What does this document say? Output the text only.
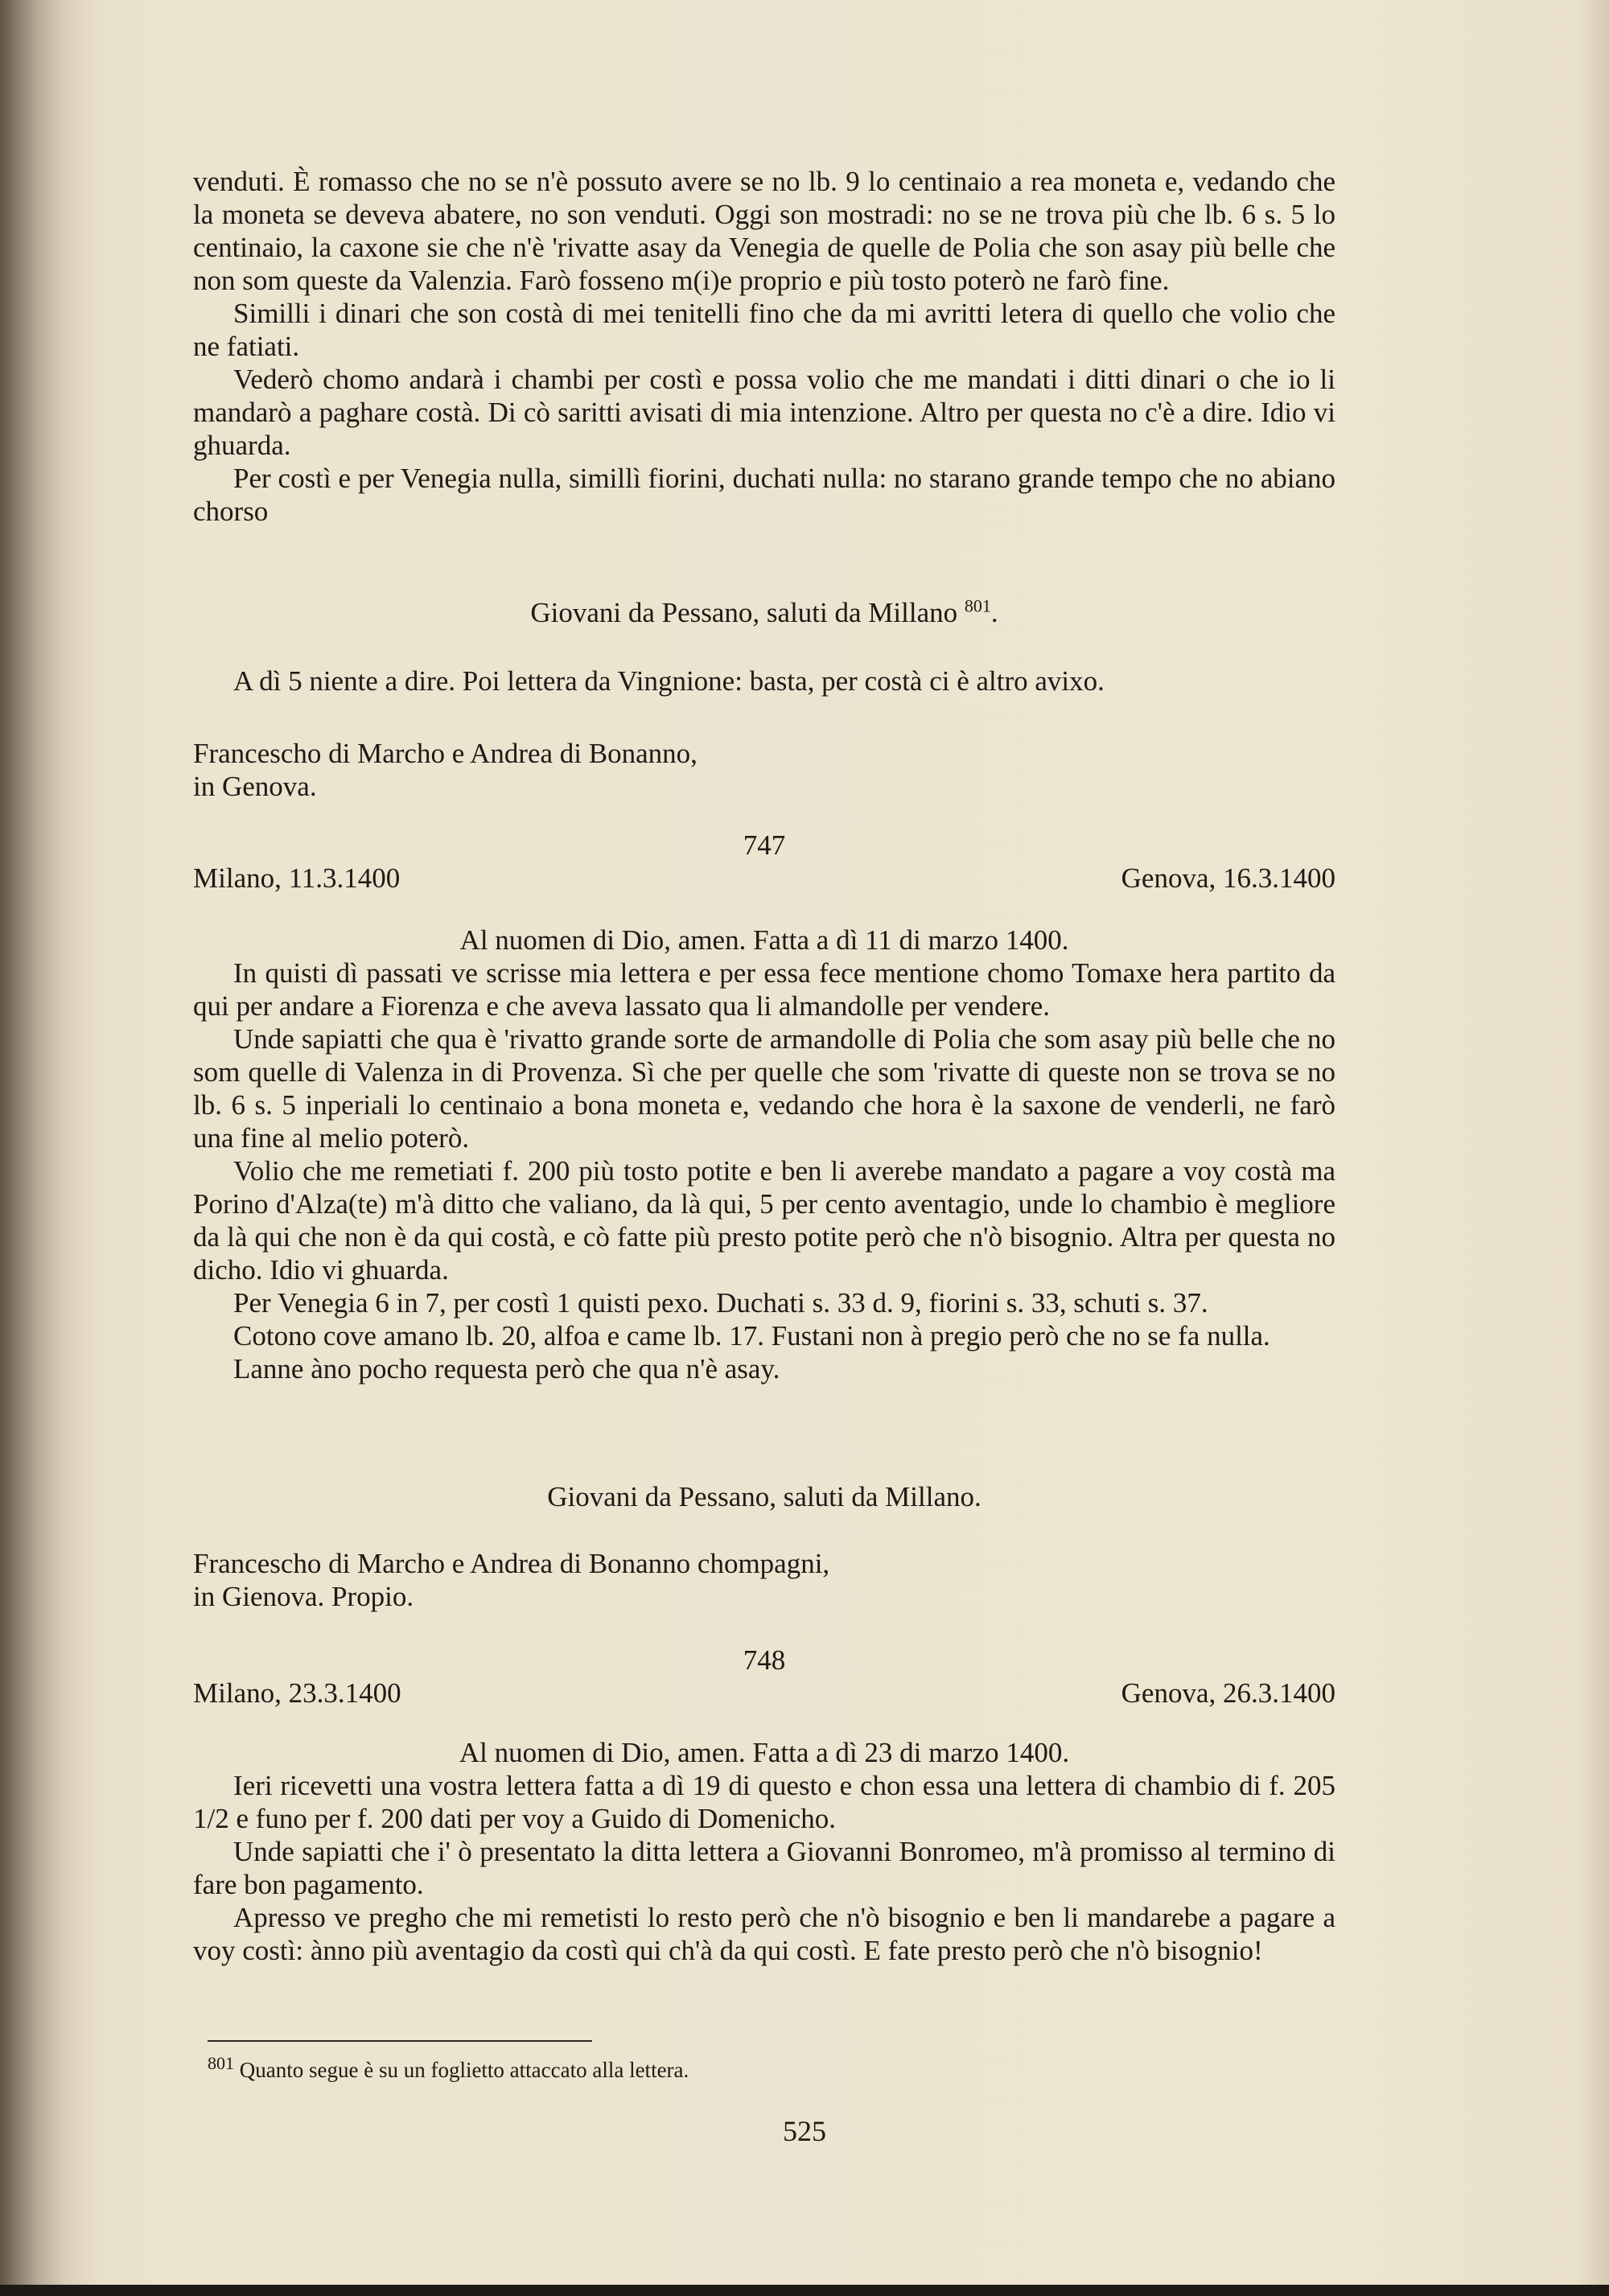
venduti. È romasso che no se n'è possuto avere se no lb. 9 lo centinaio a rea moneta e, vedando che la moneta se deveva abatere, no son venduti. Oggi son mostradi: no se ne trova più che lb. 6 s. 5 lo centinaio, la caxone sie che n'è 'rivatte asay da Venegia de quelle de Polia che son asay più belle che non som queste da Valenzia. Farò fosseno m(i)e proprio e più tosto poterò ne farò fine.

Similli i dinari che son costà di mei tenitelli fino che da mi avritti letera di quello che volio che ne fatiati.

Vederò chomo andarà i chambi per costì e possa volio che me mandati i ditti dinari o che io li mandarò a paghare costà. Di cò saritti avisati di mia intenzione. Altro per questa no c'è a dire. Idio vi ghuarda.

Per costì e per Venegia nulla, simillì fiorini, duchati nulla: no starano grande tempo che no abiano chorso

Giovani da Pessano, saluti da Millano $^{801}$.

A dì 5 niente a dire. Poi lettera da Vingnione: basta, per costà ci è altro avixo.

Francescho di Marcho e Andrea di Bonanno,

in Genova.

747

Milano, 11.3.1400	Genova, 16.3.1400

Al nuomen di Dio, amen. Fatta a dì 11 di marzo 1400.

In quisti dì passati ve scrisse mia lettera e per essa fece mentione chomo Tomaxe hera partito da qui per andare a Fiorenza e che aveva lassato qua li almandolle per vendere.

Unde sapiatti che qua è 'rivatto grande sorte de armandolle di Polia che som asay più belle che no som quelle di Valenza in di Provenza. Sì che per quelle che som 'rivatte di queste non se trova se no lb. 6 s. 5 inperiali lo centinaio a bona moneta e, vedando che hora è la saxone de venderli, ne farò una fine al melio poterò.

Volio che me remetiati f. 200 più tosto potite e ben li averebe mandato a pagare a voy costà ma Porino d'Alza(te) m'à ditto che valiano, da là qui, 5 per cento aventagio, unde lo chambio è megliore da là qui che non è da qui costà, e cò fatte più presto potite però che n'ò bisognio. Altra per questa no dicho. Idio vi ghuarda.

Per Venegia 6 in 7, per costì 1 quisti pexo. Duchati s. 33 d. 9, fiorini s. 33, schuti s. 37.

Cotono cove amano lb. 20, alfoa e came lb. 17. Fustani non à pregio però che no se fa nulla.

Lanne àno pocho requesta però che qua n'è asay.

Giovani da Pessano, saluti da Millano.

Francescho di Marcho e Andrea di Bonanno chompagni,

in Gienova. Propio.

748

Milano, 23.3.1400	Genova, 26.3.1400

Al nuomen di Dio, amen. Fatta a dì 23 di marzo 1400.

Ieri ricevetti una vostra lettera fatta a dì 19 di questo e chon essa una lettera di chambio di f. 205 1/2 e funo per f. 200 dati per voy a Guido di Domenicho.

Unde sapiatti che i' ò presentato la ditta lettera a Giovanni Bonromeo, m'à promisso al termino di fare bon pagamento.

Apresso ve pregho che mi remetisti lo resto però che n'ò bisognio e ben li mandarebe a pagare a voy costì: ànno più aventagio da costì qui ch'à da qui costì. E fate presto però che n'ò bisognio!

$^{801}$ Quanto segue è su un foglietto attaccato alla lettera.
525
